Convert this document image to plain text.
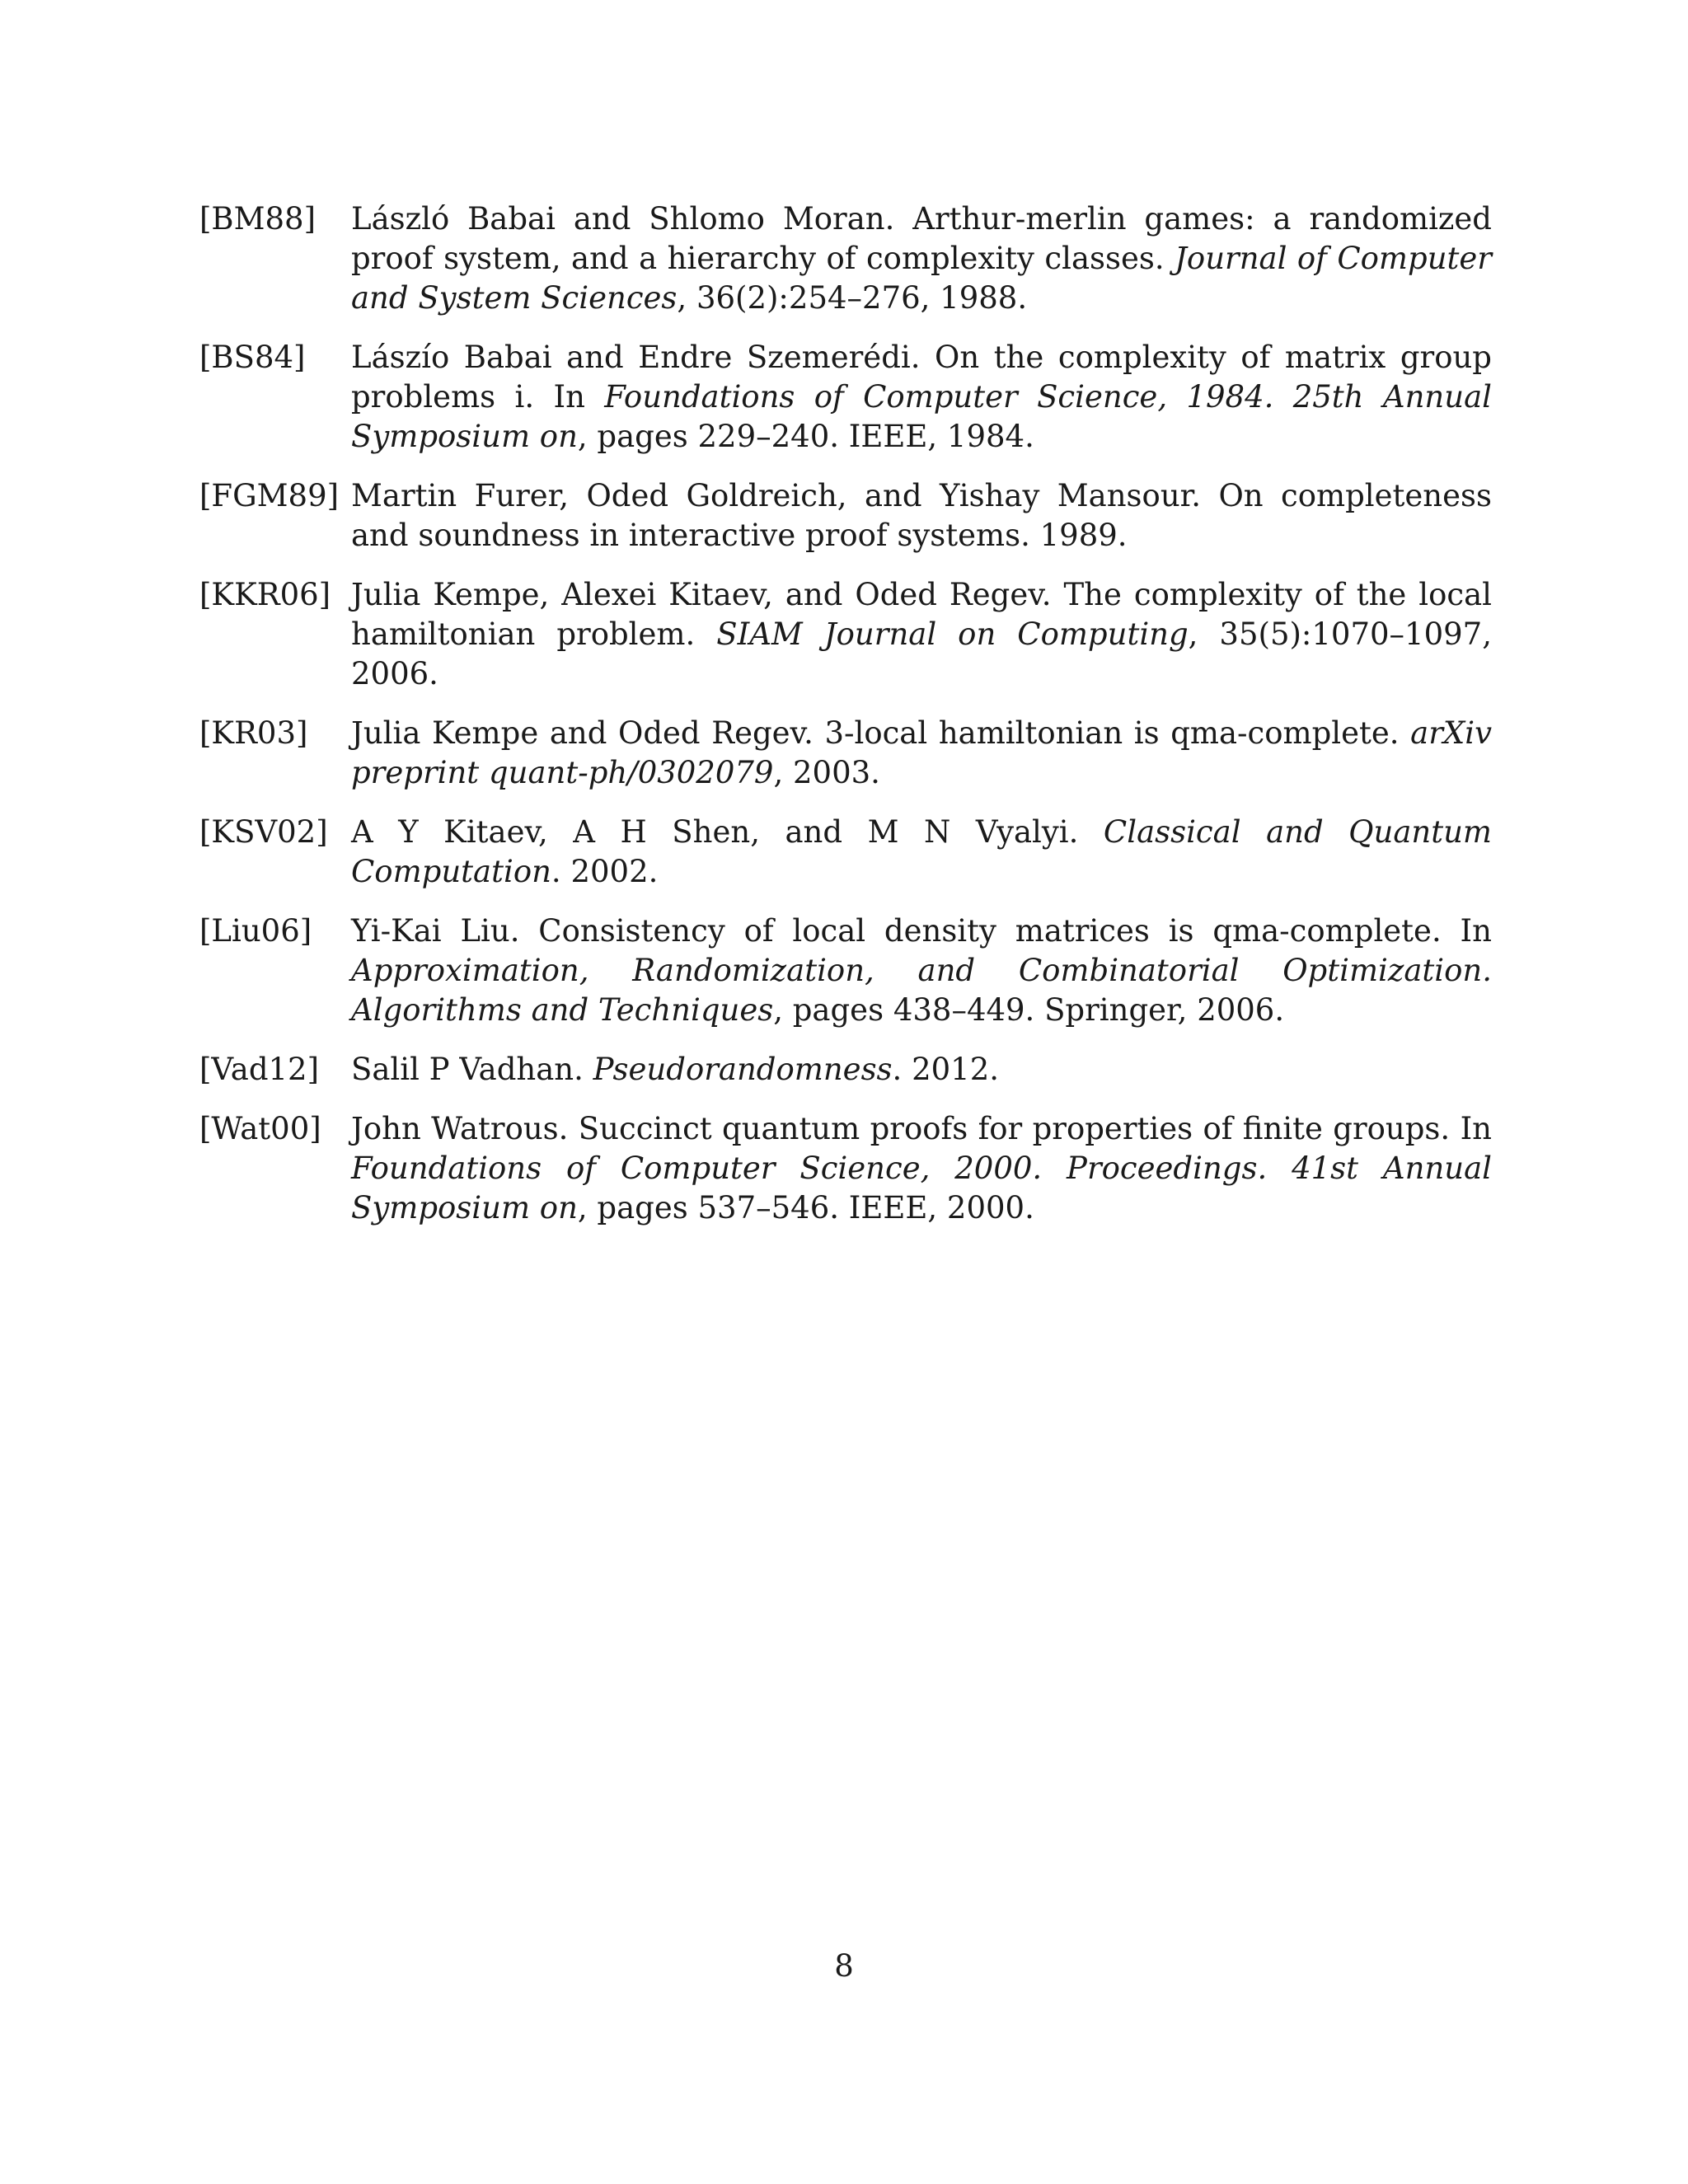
[BM88]	László Babai and Shlomo Moran. Arthur-merlin games: a randomized proof system, and a hierarchy of complexity classes. Journal of Computer and System Sciences, 36(2):254–276, 1988.
[BS84]	Lászío Babai and Endre Szemerédi. On the complexity of matrix group problems i. In Foundations of Computer Science, 1984. 25th Annual Symposium on, pages 229–240. IEEE, 1984.
[FGM89] Martin Furer, Oded Goldreich, and Yishay Mansour. On completeness and soundness in interactive proof systems. 1989.
[KKR06] Julia Kempe, Alexei Kitaev, and Oded Regev. The complexity of the local hamiltonian problem. SIAM Journal on Computing, 35(5):1070–1097, 2006.
[KR03]	Julia Kempe and Oded Regev. 3-local hamiltonian is qma-complete. arXiv preprint quant-ph/0302079, 2003.
[KSV02] A Y Kitaev, A H Shen, and M N Vyalyi. Classical and Quantum Computation. 2002.
[Liu06]	Yi-Kai Liu. Consistency of local density matrices is qma-complete. In Approximation, Randomization, and Combinatorial Optimization. Algorithms and Techniques, pages 438–449. Springer, 2006.
[Vad12]	Salil P Vadhan. Pseudorandomness. 2012.
[Wat00] John Watrous. Succinct quantum proofs for properties of finite groups. In Foundations of Computer Science, 2000. Proceedings. 41st Annual Symposium on, pages 537–546. IEEE, 2000.
8
